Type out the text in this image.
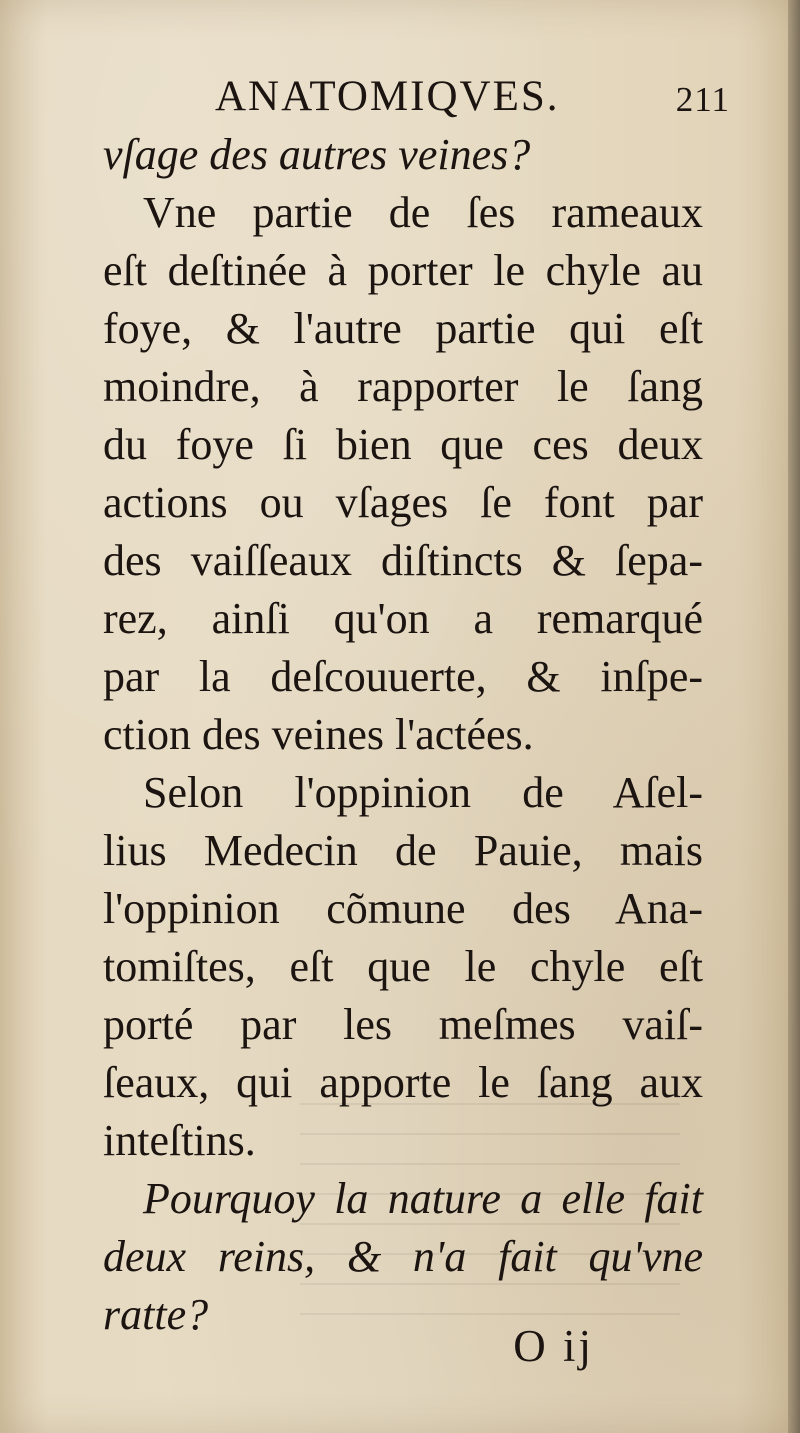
ANATOMIQVES.	211
vſage des autres veines?
Vne partie de ſes rameaux
eſt deſtinée à porter le chyle au
foye, & l'autre partie qui eſt
moindre, à rapporter le ſang
du foye ſi bien que ces deux
actions ou vſages ſe font par
des vaiſſeaux diſtincts & ſepa-
rez, ainſi qu'on a remarqué
par la deſcouuerte, & inſpe-
ction des veines l'actées.
Selon l'oppinion de Aſel-
lius Medecin de Pauie, mais
l'oppinion cõmune des Ana-
tomiſtes, eſt que le chyle eſt
porté par les meſmes vaiſ-
ſeaux, qui apporte le ſang aux
inteſtins.
Pourquoy la nature a elle fait
deux reins, & n'a fait qu'vne
ratte?
O ij
